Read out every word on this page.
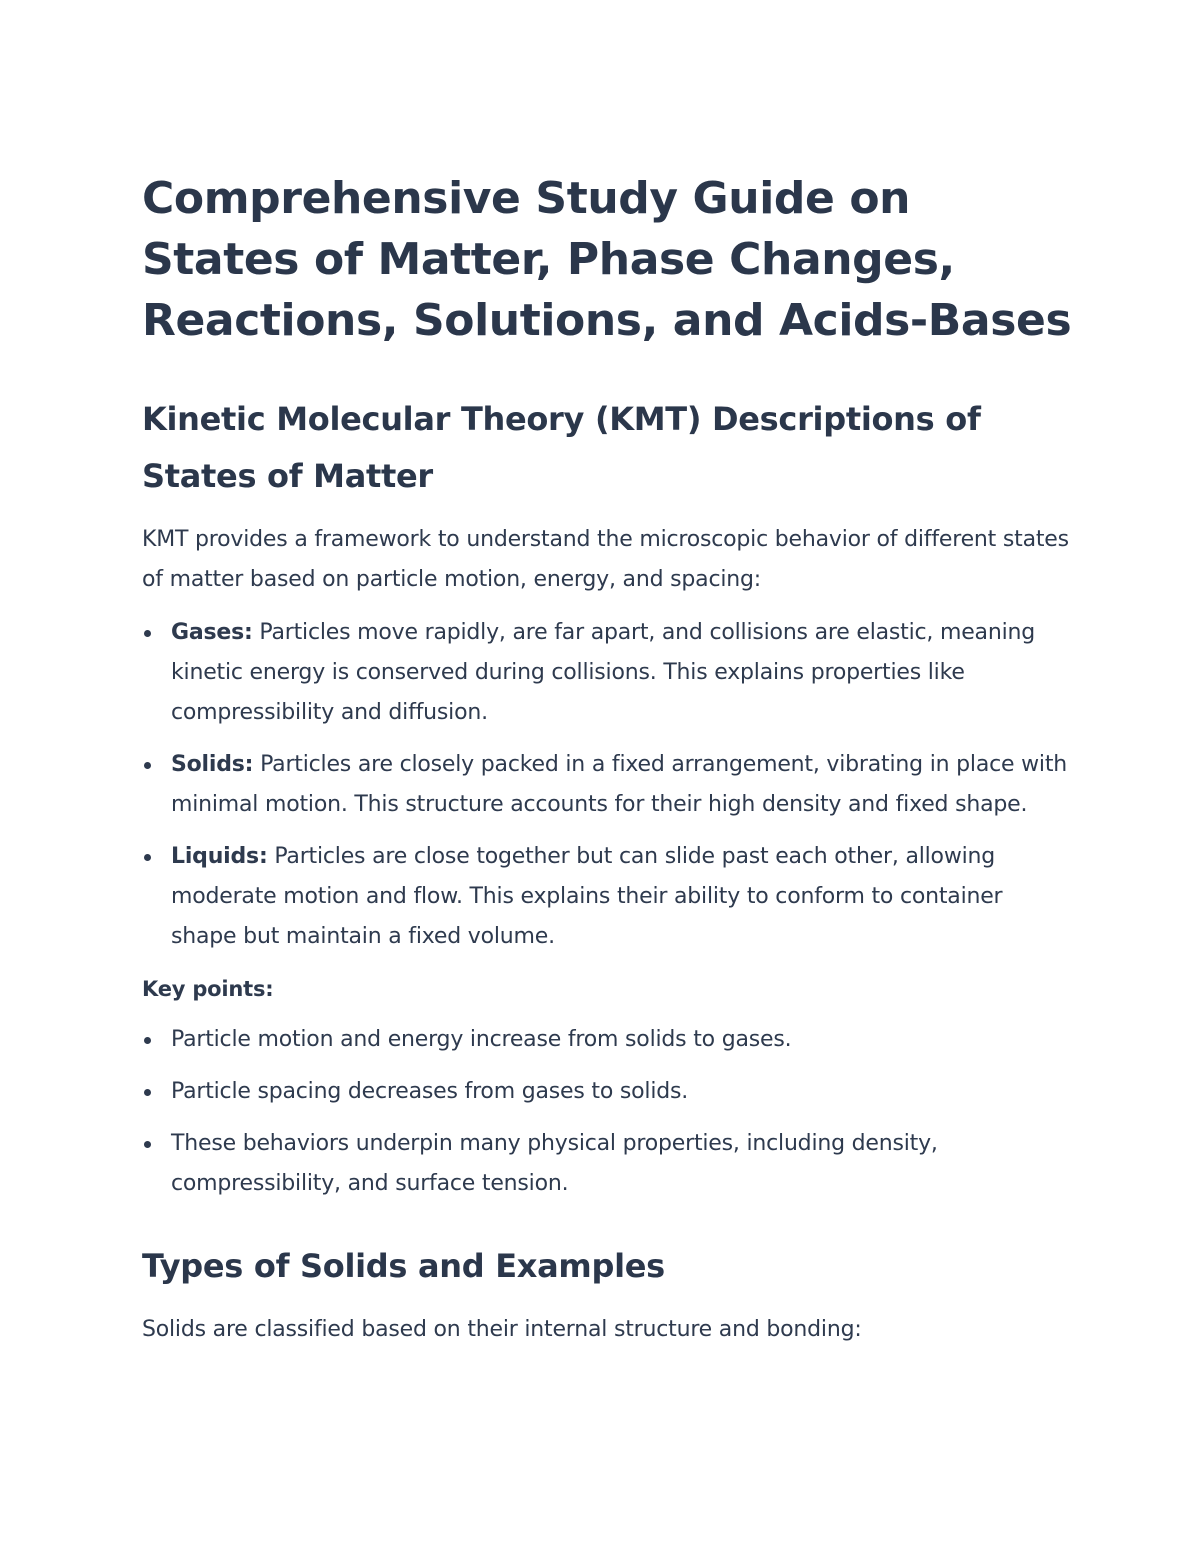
Comprehensive Study Guide on States of Matter, Phase Changes, Reactions, Solutions, and Acids-Bases
Kinetic Molecular Theory (KMT) Descriptions of States of Matter

KMT provides a framework to understand the microscopic behavior of different states of matter based on particle motion, energy, and spacing:

Gases: Particles move rapidly, are far apart, and collisions are elastic, meaning kinetic energy is conserved during collisions. This explains properties like compressibility and diffusion.
Solids: Particles are closely packed in a fixed arrangement, vibrating in place with minimal motion. This structure accounts for their high density and fixed shape.
Liquids: Particles are close together but can slide past each other, allowing moderate motion and flow. This explains their ability to conform to container shape but maintain a fixed volume.

Key points:

Particle motion and energy increase from solids to gases.
Particle spacing decreases from gases to solids.
These behaviors underpin many physical properties, including density, compressibility, and surface tension.
Types of Solids and Examples

Solids are classified based on their internal structure and bonding:
